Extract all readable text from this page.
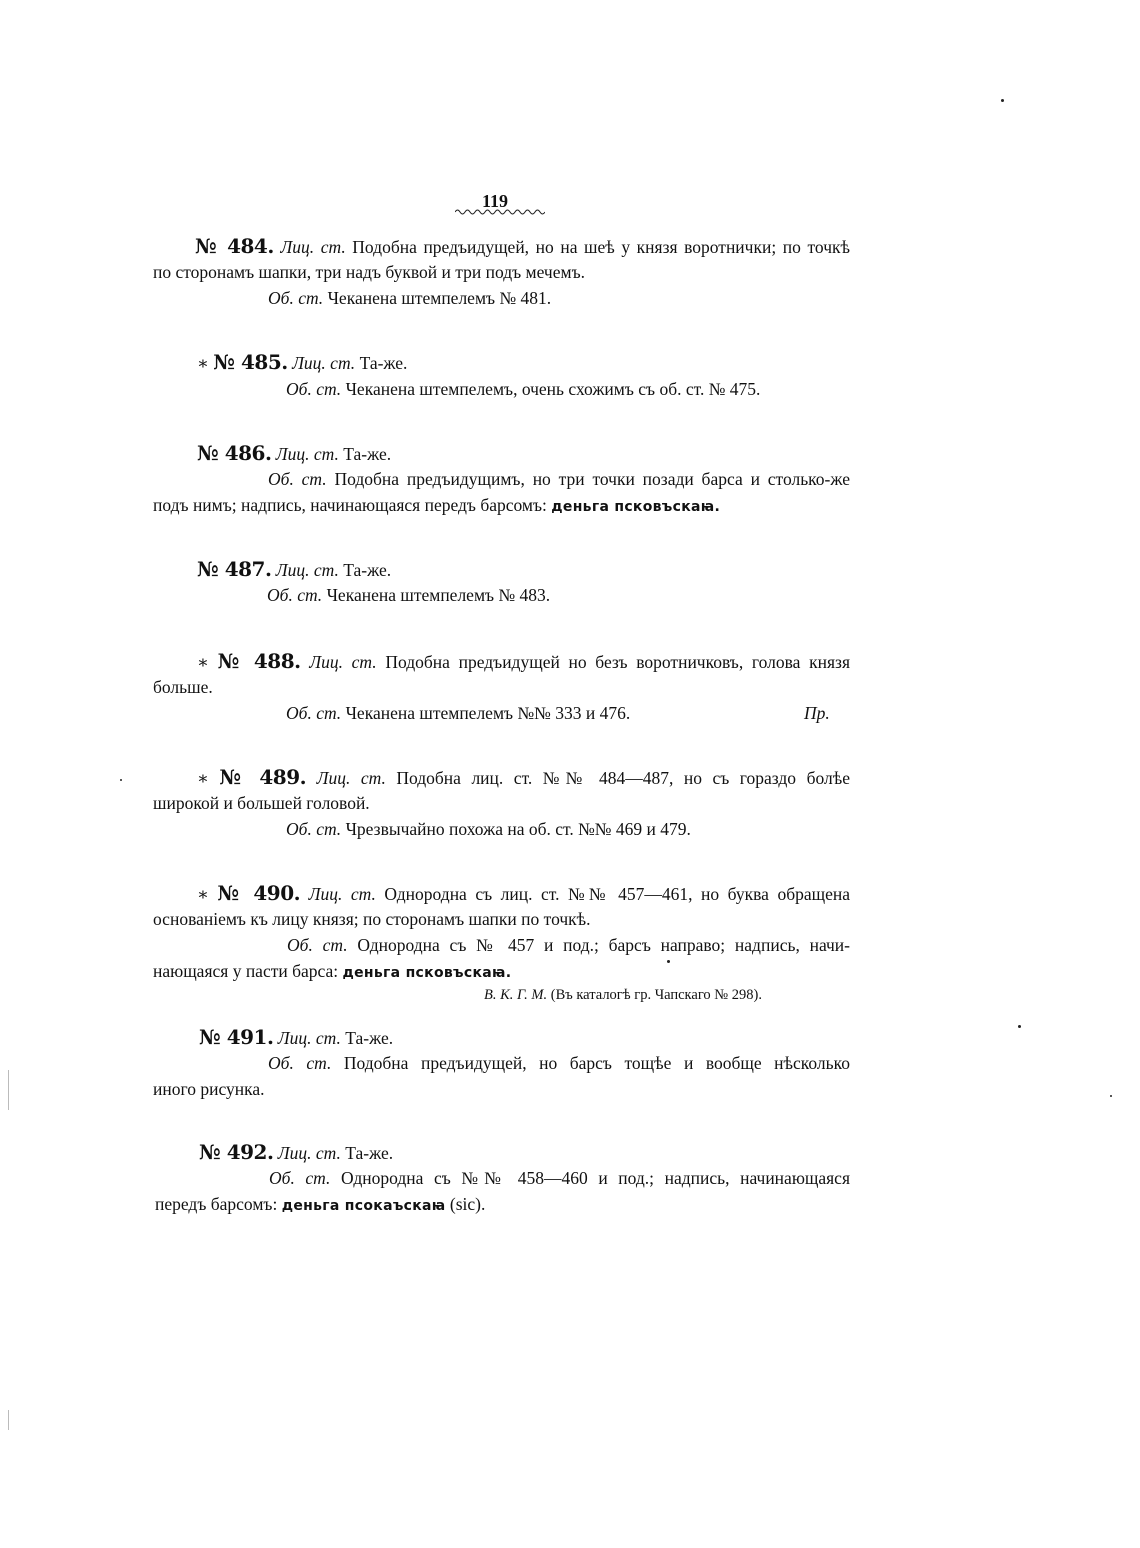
119
№ 484. Лиц. ст. Подобна предъидущей, но на шеѣ у князя воротнички; по точкѣ
по сторонамъ шапки, три надъ буквой и три подъ мечемъ.
Об. ст. Чеканена штемпелемъ № 481.
∗ № 485. Лиц. ст. Та-же.
Об. ст. Чеканена штемпелемъ, очень схожимъ съ об. ст. № 475.
№ 486. Лиц. ст. Та-же.
Об. ст. Подобна предъидущимъ, но три точки позади барса и столько-же
подъ нимъ; надпись, начинающаяся передъ барсомъ: деньга псковъскаꙗ.
№ 487. Лиц. ст. Та-же.
Об. ст. Чеканена штемпелемъ № 483.
∗ № 488. Лиц. ст. Подобна предъидущей но безъ воротничковъ, голова князя
больше.
Об. ст. Чеканена штемпелемъ №№ 333 и 476.	Пр.
∗ № 489. Лиц. ст. Подобна лиц. ст. №№ 484—487, но съ гораздо болѣе
широкой и большей головой.
Об. ст. Чрезвычайно похожа на об. ст. №№ 469 и 479.
∗ № 490. Лиц. ст. Однородна съ лиц. ст. №№ 457—461, но буква обращена
основаніемъ къ лицу князя; по сторонамъ шапки по точкѣ.
Об. ст. Однородна съ № 457 и под.; барсъ направо; надпись, начи-
нающаяся у пасти барса: деньга псковъскаꙗ.
В. К. Г. М. (Въ каталогѣ гр. Чапскаго № 298).
№ 491. Лиц. ст. Та-же.
Об. ст. Подобна предъидущей, но барсъ тощѣе и вообще нѣсколько
иного рисунка.
№ 492. Лиц. ст. Та-же.
Об. ст. Однородна съ №№ 458—460 и под.; надпись, начинающаяся
передъ барсомъ: деньга псокаъскаꙗ (sic).
